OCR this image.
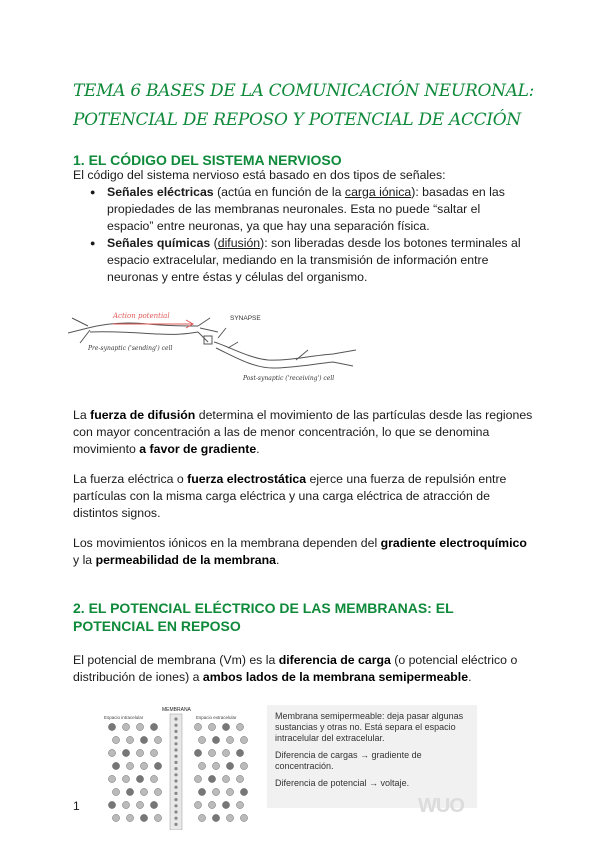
TEMA 6 BASES DE LA COMUNICACIÓN NEURONAL:
POTENCIAL DE REPOSO Y POTENCIAL DE ACCIÓN
1. EL CÓDIGO DEL SISTEMA NERVIOSO
El código del sistema nervioso está basado en dos tipos de señales:
● Señales eléctricas (actúa en función de la carga iónica): basadas en las propiedades de las membranas neuronales. Esta no puede “saltar el espacio” entre neuronas, ya que hay una separación física.
● Señales químicas (difusión): son liberadas desde los botones terminales al espacio extracelular, mediando en la transmisión de información entre neuronas y entre éstas y células del organismo.
Action potential	SYNAPSE
Pre-synaptic ('sending') cell
Post-synaptic ('receiving') cell
La fuerza de difusión determina el movimiento de las partículas desde las regiones con mayor concentración a las de menor concentración, lo que se denomina movimiento a favor de gradiente.
La fuerza eléctrica o fuerza electrostática ejerce una fuerza de repulsión entre partículas con la misma carga eléctrica y una carga eléctrica de atracción de distintos signos.
Los movimientos iónicos en la membrana dependen del gradiente electroquímico y la permeabilidad de la membrana.
2. EL POTENCIAL ELÉCTRICO DE LAS MEMBRANAS: EL
POTENCIAL EN REPOSO
El potencial de membrana (Vm) es la diferencia de carga (o potencial eléctrico o distribución de iones) a ambos lados de la membrana semipermeable.
MEMBRANA
Espacio intracelular	Espacio extracelular	Membrana semipermeable: deja pasar algunas sustancias y otras no. Está separa el espacio intracelular del extracelular.
Diferencia de cargas → gradiente de concentración.
Diferencia de potencial → voltaje.
1	WUO
